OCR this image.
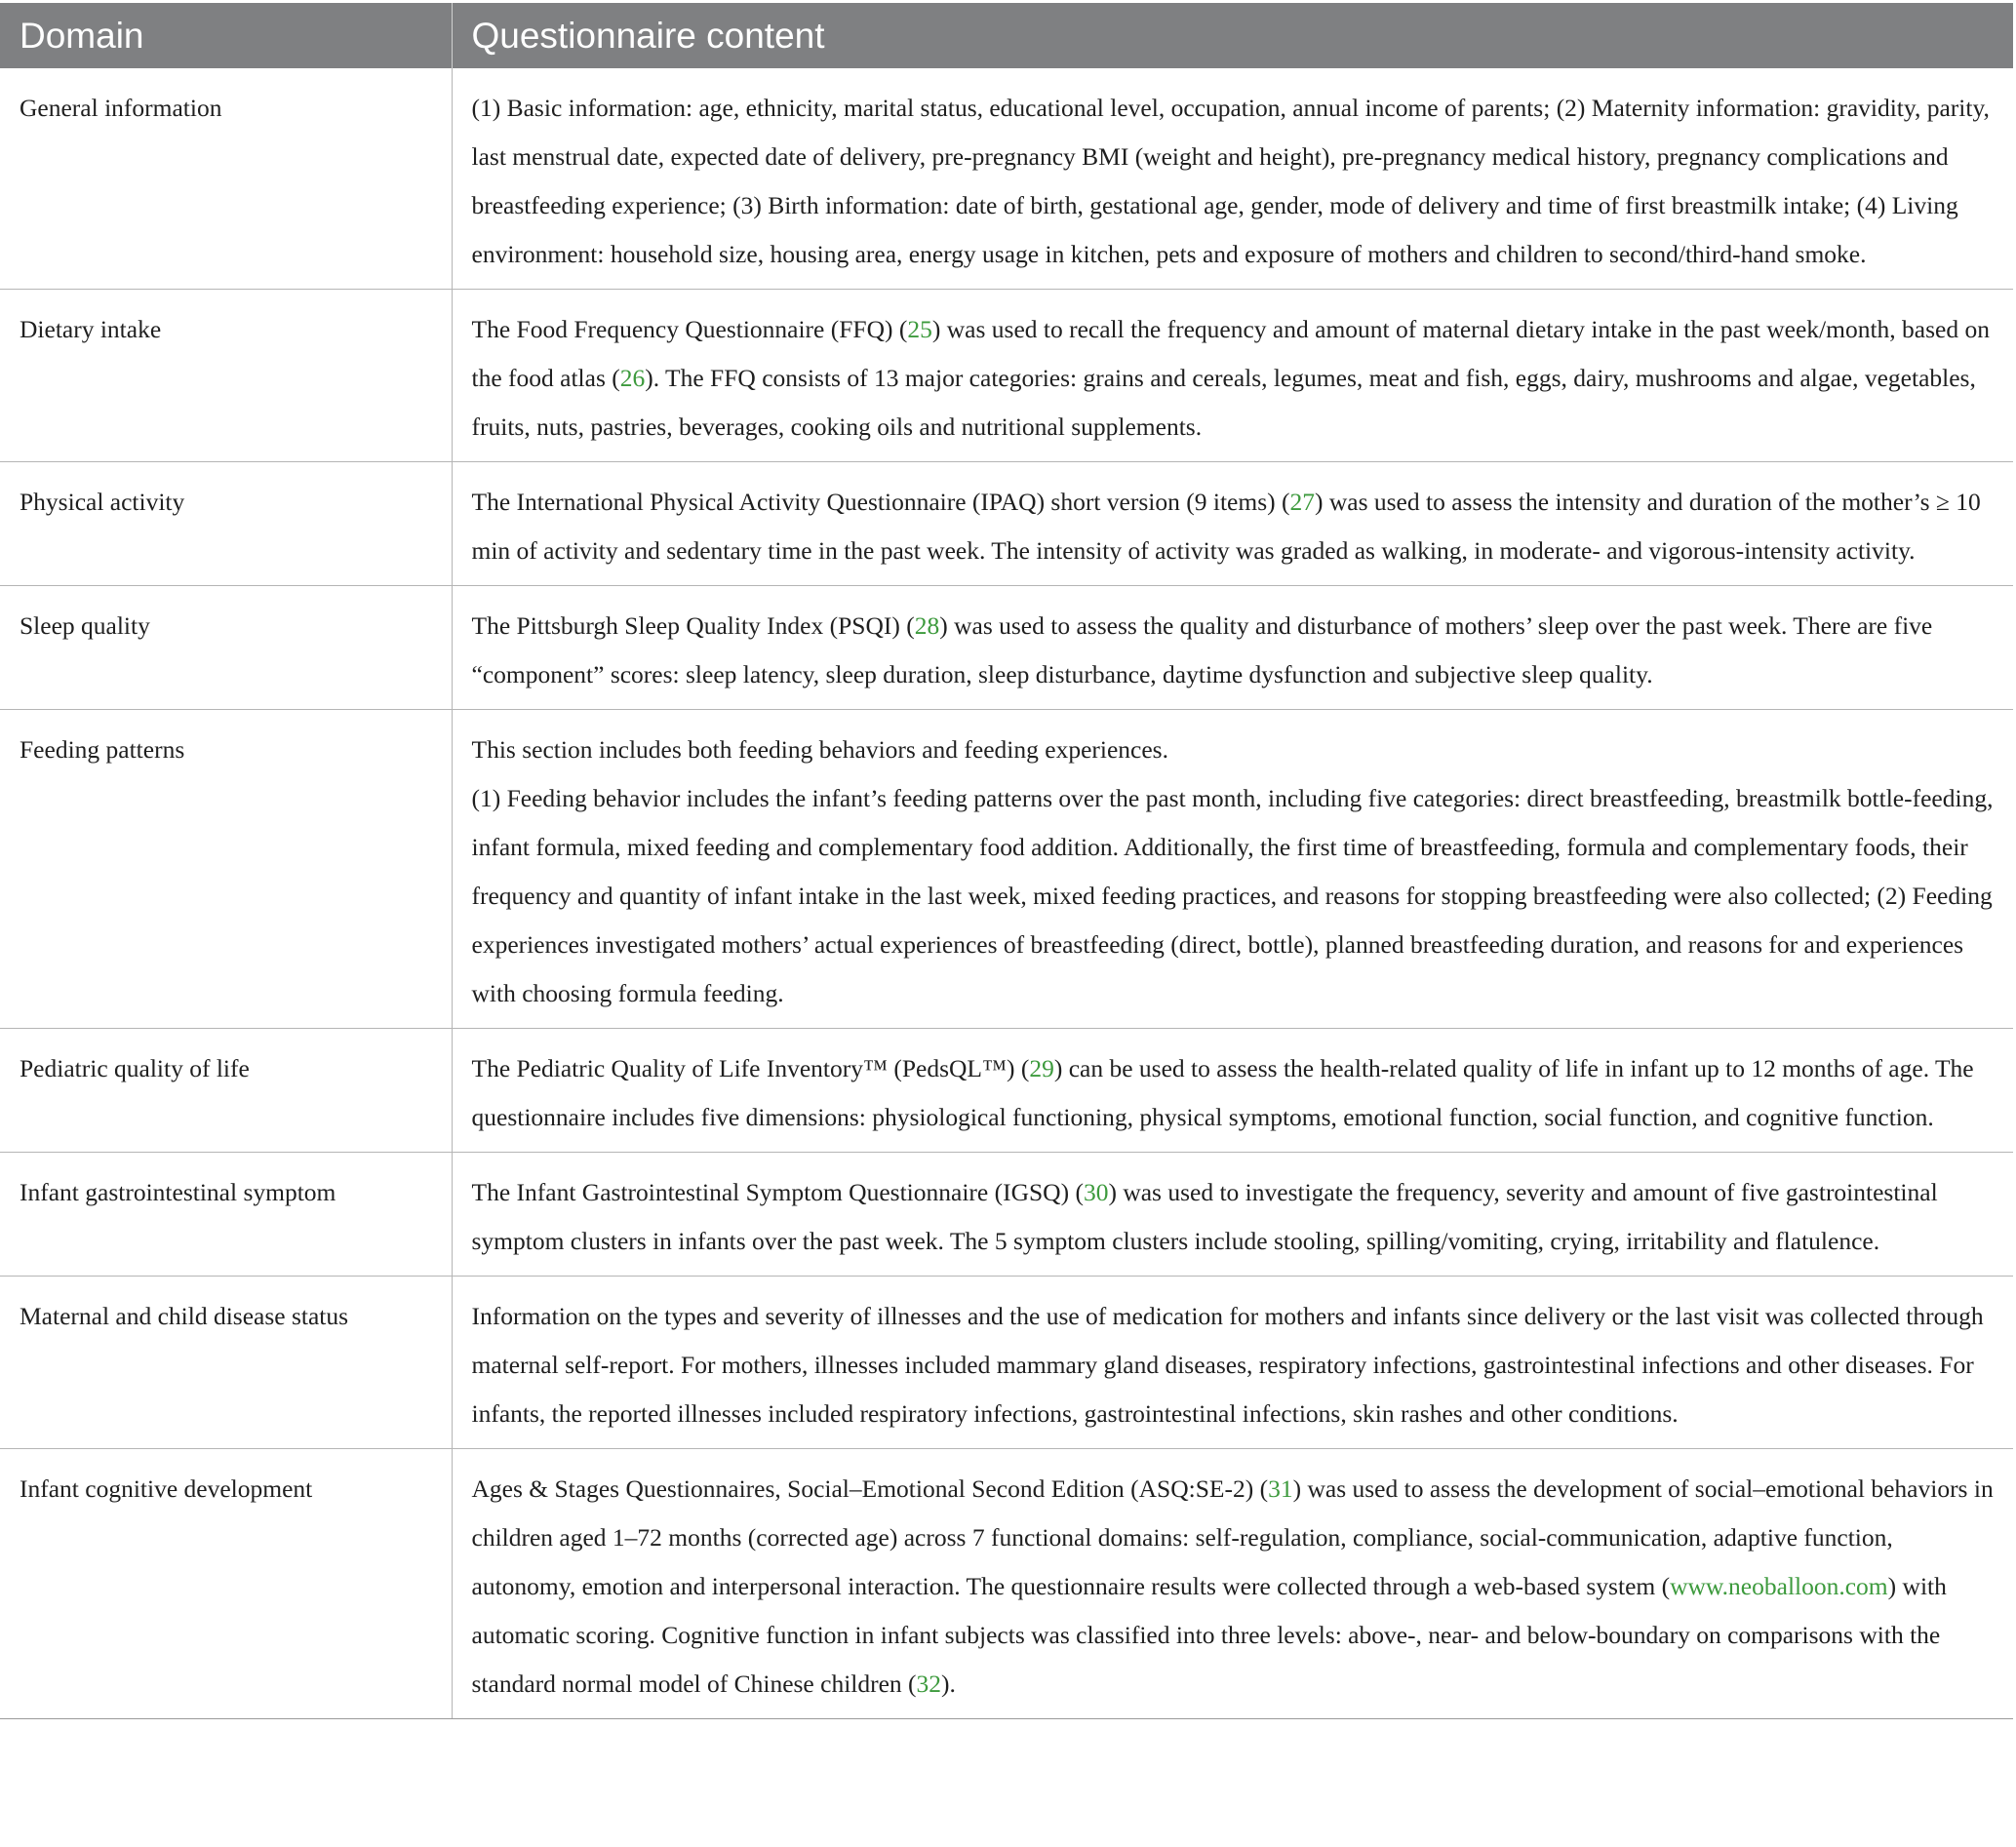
Domain	Questionnaire content
General information	(1) Basic information: age, ethnicity, marital status, educational level, occupation, annual income of parents; (2) Maternity information: gravidity, parity, last menstrual date, expected date of delivery, pre-pregnancy BMI (weight and height), pre-pregnancy medical history, pregnancy complications and breastfeeding experience; (3) Birth information: date of birth, gestational age, gender, mode of delivery and time of first breastmilk intake; (4) Living environment: household size, housing area, energy usage in kitchen, pets and exposure of mothers and children to second/third-hand smoke.
Dietary intake	The Food Frequency Questionnaire (FFQ) (25) was used to recall the frequency and amount of maternal dietary intake in the past week/month, based on the food atlas (26). The FFQ consists of 13 major categories: grains and cereals, legumes, meat and fish, eggs, dairy, mushrooms and algae, vegetables, fruits, nuts, pastries, beverages, cooking oils and nutritional supplements.
Physical activity	The International Physical Activity Questionnaire (IPAQ) short version (9 items) (27) was used to assess the intensity and duration of the mother’s ≥ 10 min of activity and sedentary time in the past week. The intensity of activity was graded as walking, in moderate- and vigorous-intensity activity.
Sleep quality	The Pittsburgh Sleep Quality Index (PSQI) (28) was used to assess the quality and disturbance of mothers’ sleep over the past week. There are five “component” scores: sleep latency, sleep duration, sleep disturbance, daytime dysfunction and subjective sleep quality.
Feeding patterns	This section includes both feeding behaviors and feeding experiences.
(1) Feeding behavior includes the infant’s feeding patterns over the past month, including five categories: direct breastfeeding, breastmilk bottle-feeding, infant formula, mixed feeding and complementary food addition. Additionally, the first time of breastfeeding, formula and complementary foods, their frequency and quantity of infant intake in the last week, mixed feeding practices, and reasons for stopping breastfeeding were also collected; (2) Feeding experiences investigated mothers’ actual experiences of breastfeeding (direct, bottle), planned breastfeeding duration, and reasons for and experiences with choosing formula feeding.
Pediatric quality of life	The Pediatric Quality of Life Inventory™ (PedsQL™) (29) can be used to assess the health-related quality of life in infant up to 12 months of age. The questionnaire includes five dimensions: physiological functioning, physical symptoms, emotional function, social function, and cognitive function.
Infant gastrointestinal symptom	The Infant Gastrointestinal Symptom Questionnaire (IGSQ) (30) was used to investigate the frequency, severity and amount of five gastrointestinal symptom clusters in infants over the past week. The 5 symptom clusters include stooling, spilling/vomiting, crying, irritability and flatulence.
Maternal and child disease status	Information on the types and severity of illnesses and the use of medication for mothers and infants since delivery or the last visit was collected through maternal self-report. For mothers, illnesses included mammary gland diseases, respiratory infections, gastrointestinal infections and other diseases. For infants, the reported illnesses included respiratory infections, gastrointestinal infections, skin rashes and other conditions.
Infant cognitive development	Ages & Stages Questionnaires, Social–Emotional Second Edition (ASQ:SE-2) (31) was used to assess the development of social–emotional behaviors in children aged 1–72 months (corrected age) across 7 functional domains: self-regulation, compliance, social-communication, adaptive function, autonomy, emotion and interpersonal interaction. The questionnaire results were collected through a web-based system (www.neoballoon.com) with automatic scoring. Cognitive function in infant subjects was classified into three levels: above-, near- and below-boundary on comparisons with the standard normal model of Chinese children (32).
